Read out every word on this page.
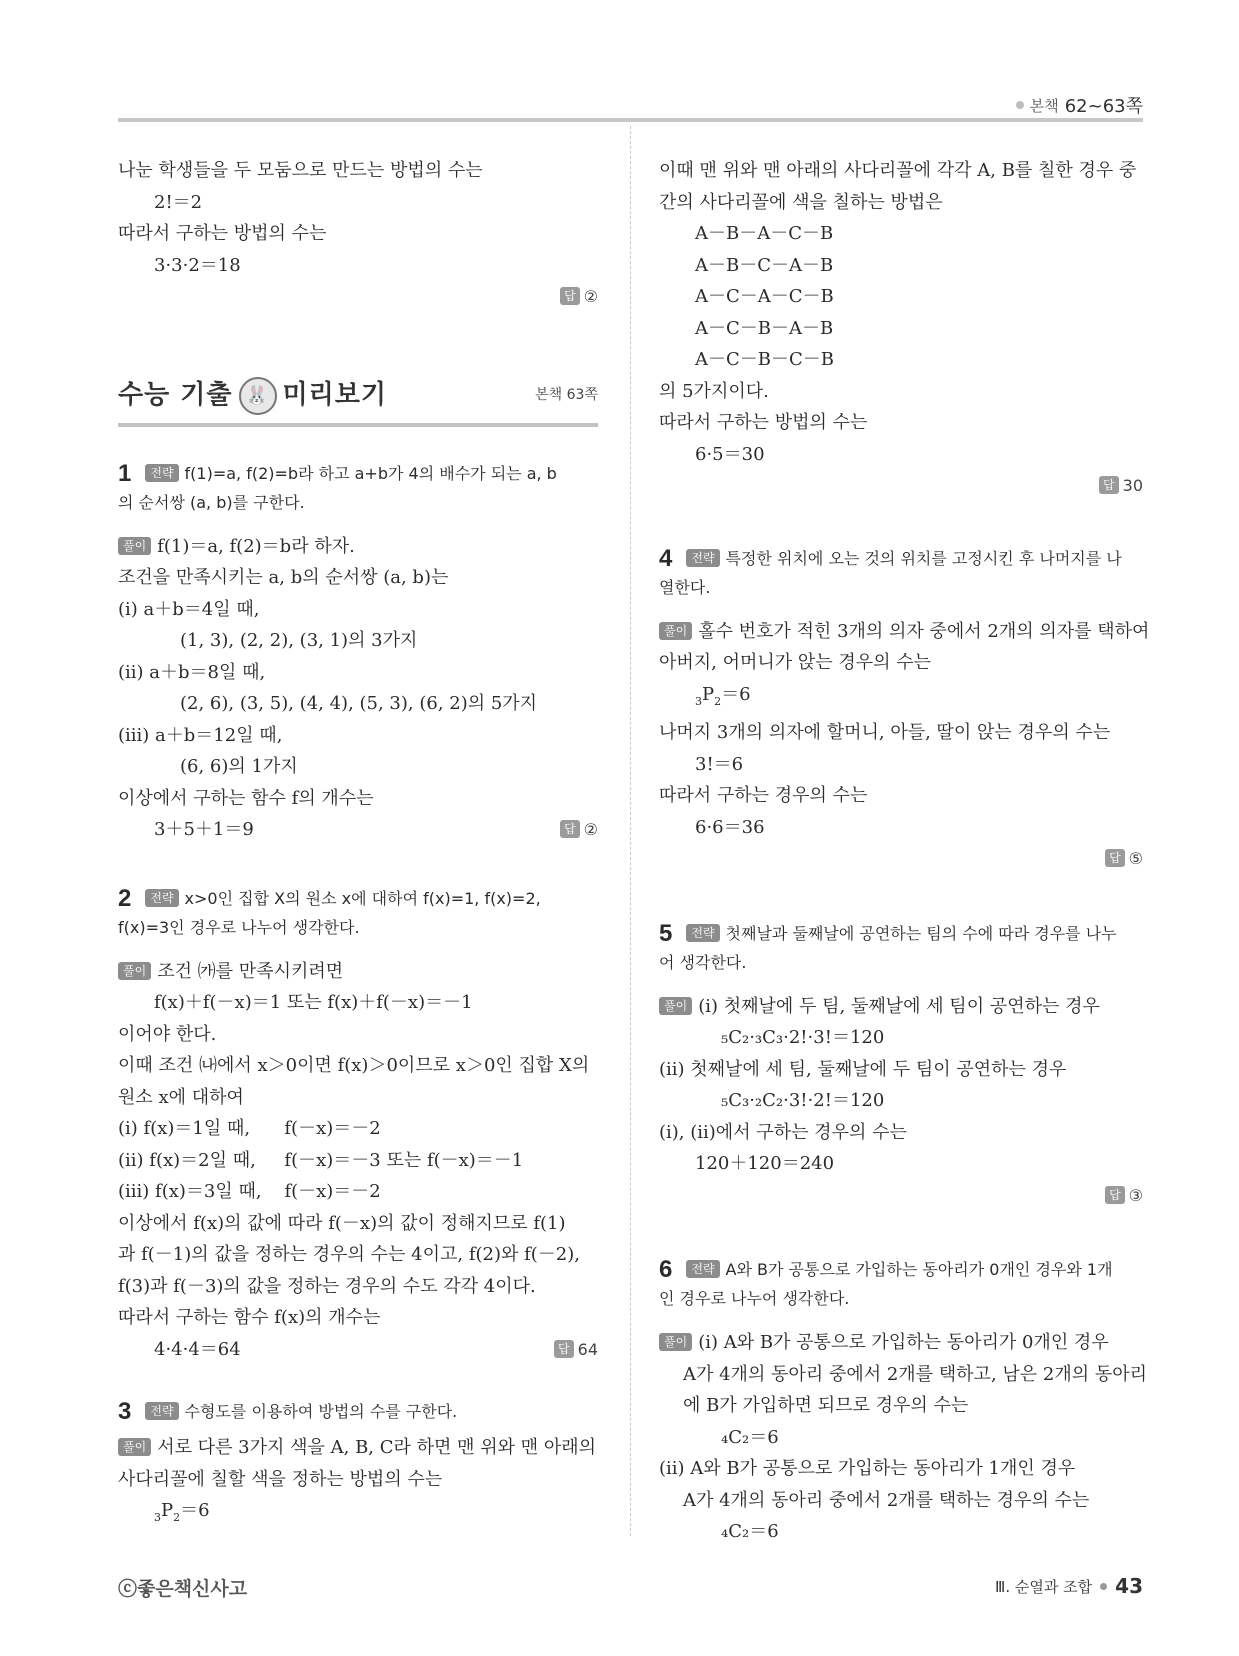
본책 62~63쪽
나눈 학생들을 두 모둠으로 만드는 방법의 수는
2!＝2
따라서 구하는 방법의 수는
3·3·2＝18
답 ②
수능 기출 🐰 미리보기	본책 63쪽
1 전략 f(1)=a, f(2)=b라 하고 a+b가 4의 배수가 되는 a, b
의 순서쌍 (a, b)를 구한다.
풀이 f(1)＝a, f(2)＝b라 하자.
조건을 만족시키는 a, b의 순서쌍 (a, b)는
(i) a＋b＝4일 때,
(1, 3), (2, 2), (3, 1)의 3가지
(ii) a＋b＝8일 때,
(2, 6), (3, 5), (4, 4), (5, 3), (6, 2)의 5가지
(iii) a＋b＝12일 때,
(6, 6)의 1가지
이상에서 구하는 함수 f의 개수는
3＋5＋1＝9	답 ②
2 전략 x>0인 집합 X의 원소 x에 대하여 f(x)=1, f(x)=2,
f(x)=3인 경우로 나누어 생각한다.
풀이 조건 ㈎를 만족시키려면
f(x)＋f(－x)＝1 또는 f(x)＋f(－x)＝－1
이어야 한다.
이때 조건 ㈏에서 x＞0이면 f(x)＞0이므로 x＞0인 집합 X의
원소 x에 대하여
(i) f(x)＝1일 때,      f(－x)＝－2
(ii) f(x)＝2일 때,     f(－x)＝－3 또는 f(－x)＝－1
(iii) f(x)＝3일 때,    f(－x)＝－2
이상에서 f(x)의 값에 따라 f(－x)의 값이 정해지므로 f(1)
과 f(－1)의 값을 정하는 경우의 수는 4이고, f(2)와 f(－2),
f(3)과 f(－3)의 값을 정하는 경우의 수도 각각 4이다.
따라서 구하는 함수 f(x)의 개수는
4·4·4＝64	답 64
3 전략 수형도를 이용하여 방법의 수를 구한다.
풀이 서로 다른 3가지 색을 A, B, C라 하면 맨 위와 맨 아래의
사다리꼴에 칠할 색을 정하는 방법의 수는
$_3P_2=6$
이때 맨 위와 맨 아래의 사다리꼴에 각각 A, B를 칠한 경우 중
간의 사다리꼴에 색을 칠하는 방법은
A－B－A－C－B
A－B－C－A－B
A－C－A－C－B
A－C－B－A－B
A－C－B－C－B
의 5가지이다.
따라서 구하는 방법의 수는
6·5＝30
답 30
4 전략 특정한 위치에 오는 것의 위치를 고정시킨 후 나머지를 나
열한다.
풀이 홀수 번호가 적힌 3개의 의자 중에서 2개의 의자를 택하여
아버지, 어머니가 앉는 경우의 수는
$_3P_2=6$
나머지 3개의 의자에 할머니, 아들, 딸이 앉는 경우의 수는
3!＝6
따라서 구하는 경우의 수는
6·6＝36
답 ⑤
5 전략 첫째날과 둘째날에 공연하는 팀의 수에 따라 경우를 나누
어 생각한다.
풀이 (i) 첫째날에 두 팀, 둘째날에 세 팀이 공연하는 경우
₅C₂·₃C₃·2!·3!＝120
(ii) 첫째날에 세 팀, 둘째날에 두 팀이 공연하는 경우
₅C₃·₂C₂·3!·2!＝120
(i), (ii)에서 구하는 경우의 수는
120＋120＝240
답 ③
6 전략 A와 B가 공통으로 가입하는 동아리가 0개인 경우와 1개
인 경우로 나누어 생각한다.
풀이 (i) A와 B가 공통으로 가입하는 동아리가 0개인 경우
A가 4개의 동아리 중에서 2개를 택하고, 남은 2개의 동아리
에 B가 가입하면 되므로 경우의 수는
₄C₂＝6
(ii) A와 B가 공통으로 가입하는 동아리가 1개인 경우
A가 4개의 동아리 중에서 2개를 택하는 경우의 수는
₄C₂＝6
ⓒ좋은책신사고	Ⅲ. 순열과 조합 43
